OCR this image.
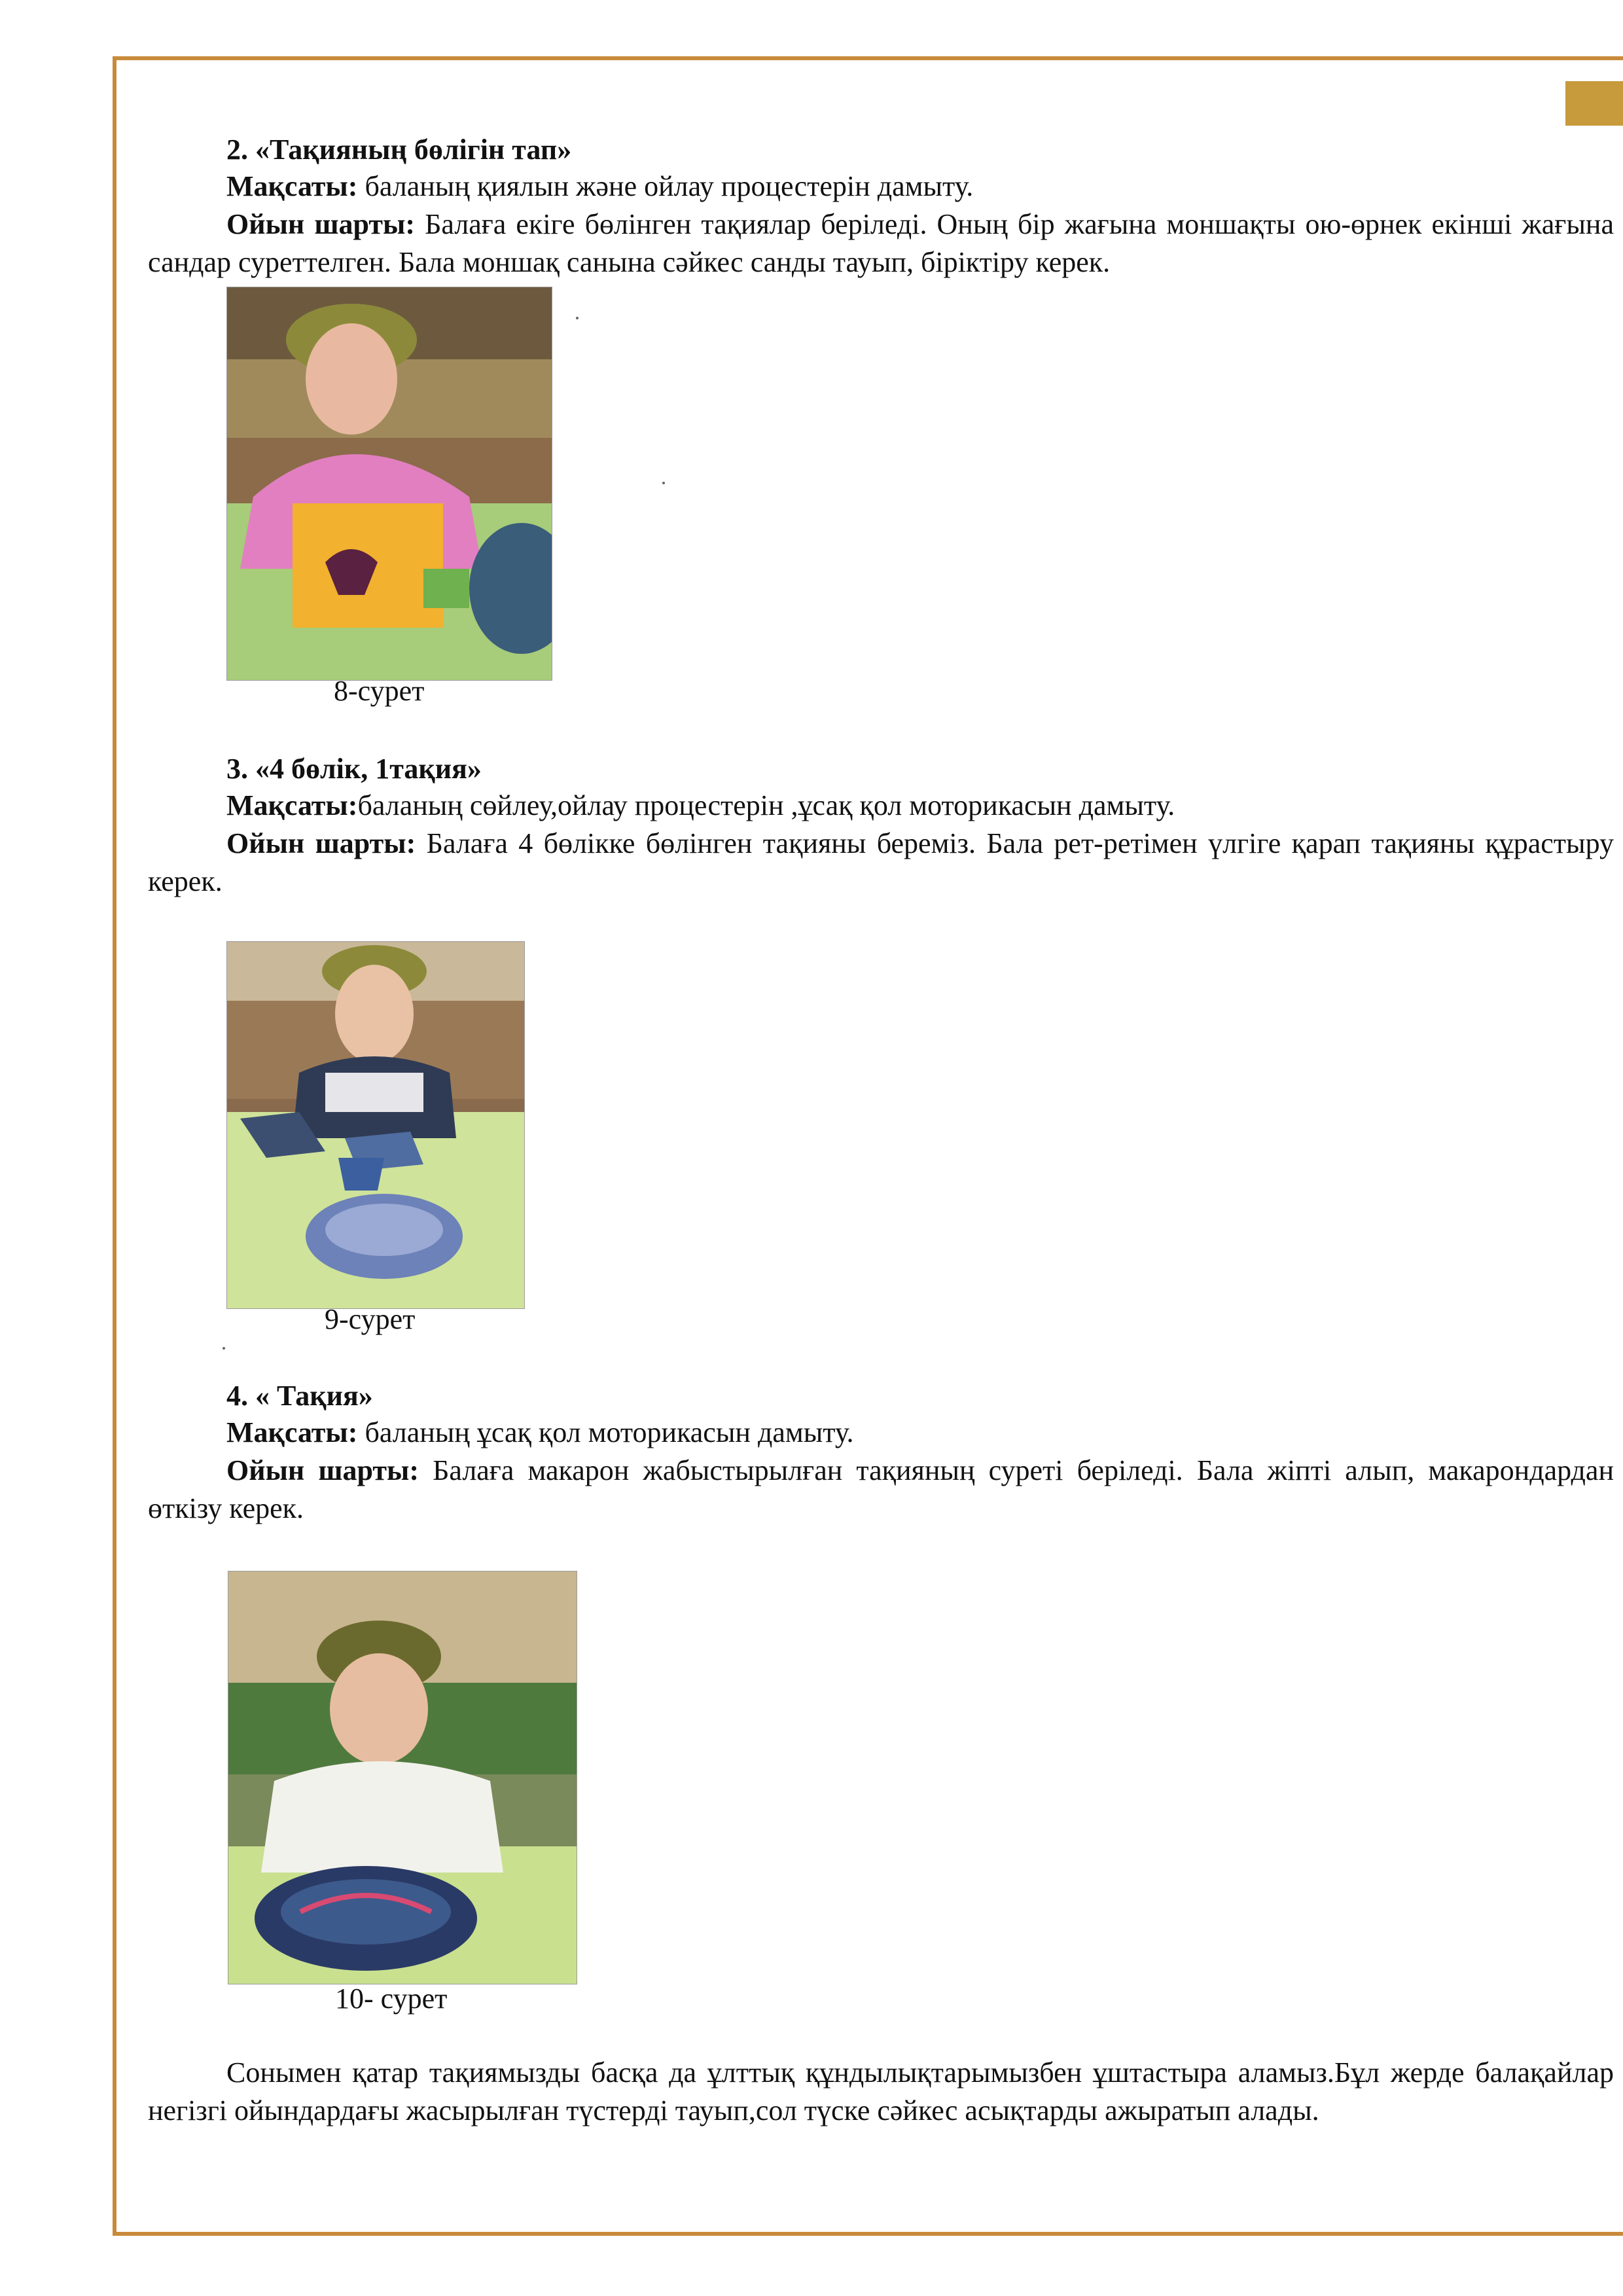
2. «Тақияның бөлігін тап»
Мақсаты: баланың қиялын және ойлау процестерін дамыту.
Ойын шарты: Балаға екіге бөлінген тақиялар беріледі. Оның бір жағына моншақты ою-өрнек екінші жағына сандар суреттелген. Бала моншақ санына сәйкес санды тауып, біріктіру керек.
8-сурет
3. «4 бөлік, 1тақия»
Мақсаты:баланың сөйлеу,ойлау процестерін ,ұсақ қол моторикасын дамыту.
Ойын шарты: Балаға 4 бөлікке бөлінген тақияны береміз. Бала рет-ретімен үлгіге қарап тақияны құрастыру керек.
9-сурет
4. « Тақия»
Мақсаты: баланың ұсақ қол моторикасын дамыту.
Ойын шарты: Балаға макарон жабыстырылған тақияның суреті беріледі. Бала жіпті алып, макарондардан өткізу керек.
10- сурет
Сонымен қатар тақиямызды басқа да ұлттық құндылықтарымызбен ұштастыра аламыз.Бұл жерде балақайлар негізгі ойындардағы жасырылған түстерді тауып,сол түске сәйкес асықтарды ажыратып алады.
